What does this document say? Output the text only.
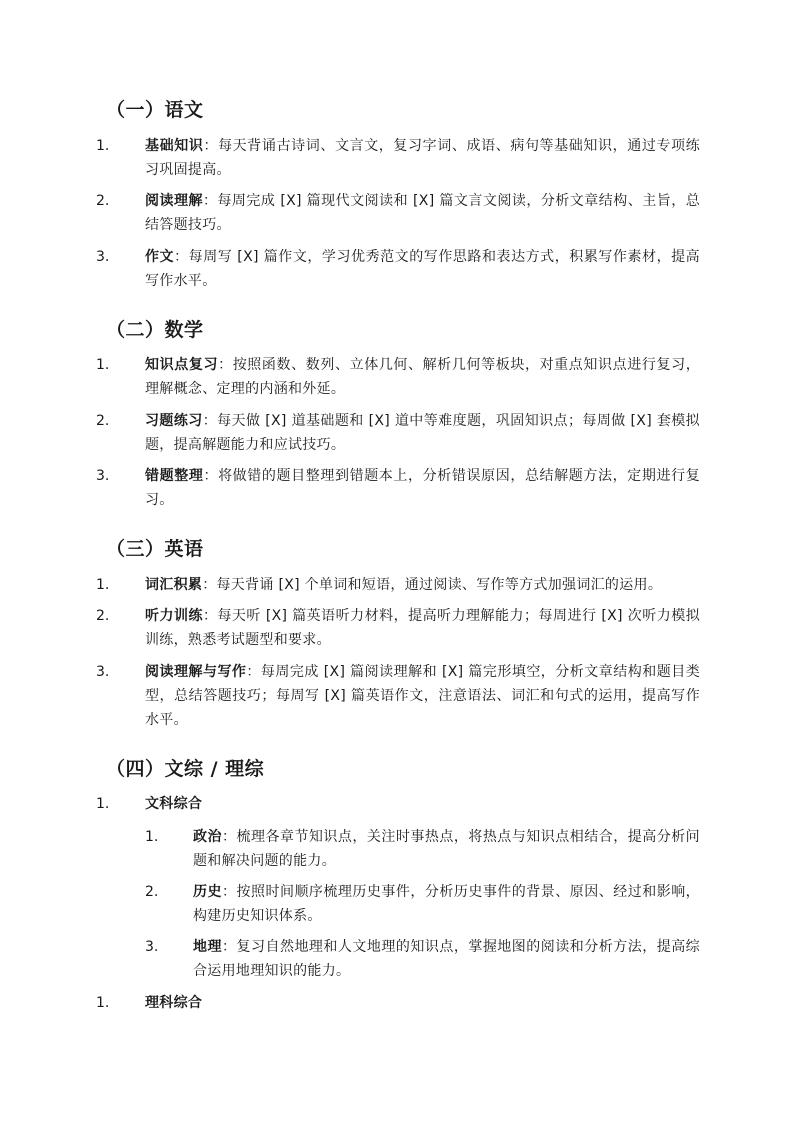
（一）语文
1.	基础知识：每天背诵古诗词、文言文，复习字词、成语、病句等基础知识，通过专项练习巩固提高。
2.	阅读理解：每周完成 [X] 篇现代文阅读和 [X] 篇文言文阅读，分析文章结构、主旨，总结答题技巧。
3.	作文：每周写 [X] 篇作文，学习优秀范文的写作思路和表达方式，积累写作素材，提高写作水平。
（二）数学
1.	知识点复习：按照函数、数列、立体几何、解析几何等板块，对重点知识点进行复习，理解概念、定理的内涵和外延。
2.	习题练习：每天做 [X] 道基础题和 [X] 道中等难度题，巩固知识点；每周做 [X] 套模拟题，提高解题能力和应试技巧。
3.	错题整理：将做错的题目整理到错题本上，分析错误原因，总结解题方法，定期进行复习。
（三）英语
1.	词汇积累：每天背诵 [X] 个单词和短语，通过阅读、写作等方式加强词汇的运用。
2.	听力训练：每天听 [X] 篇英语听力材料，提高听力理解能力；每周进行 [X] 次听力模拟训练，熟悉考试题型和要求。
3.	阅读理解与写作：每周完成 [X] 篇阅读理解和 [X] 篇完形填空，分析文章结构和题目类型，总结答题技巧；每周写 [X] 篇英语作文，注意语法、词汇和句式的运用，提高写作水平。
（四）文综 / 理综
1.	文科综合
1. 政治：梳理各章节知识点，关注时事热点，将热点与知识点相结合，提高分析问题和解决问题的能力。
2. 历史：按照时间顺序梳理历史事件，分析历史事件的背景、原因、经过和影响，构建历史知识体系。
3. 地理：复习自然地理和人文地理的知识点，掌握地图的阅读和分析方法，提高综合运用地理知识的能力。
1.	理科综合
